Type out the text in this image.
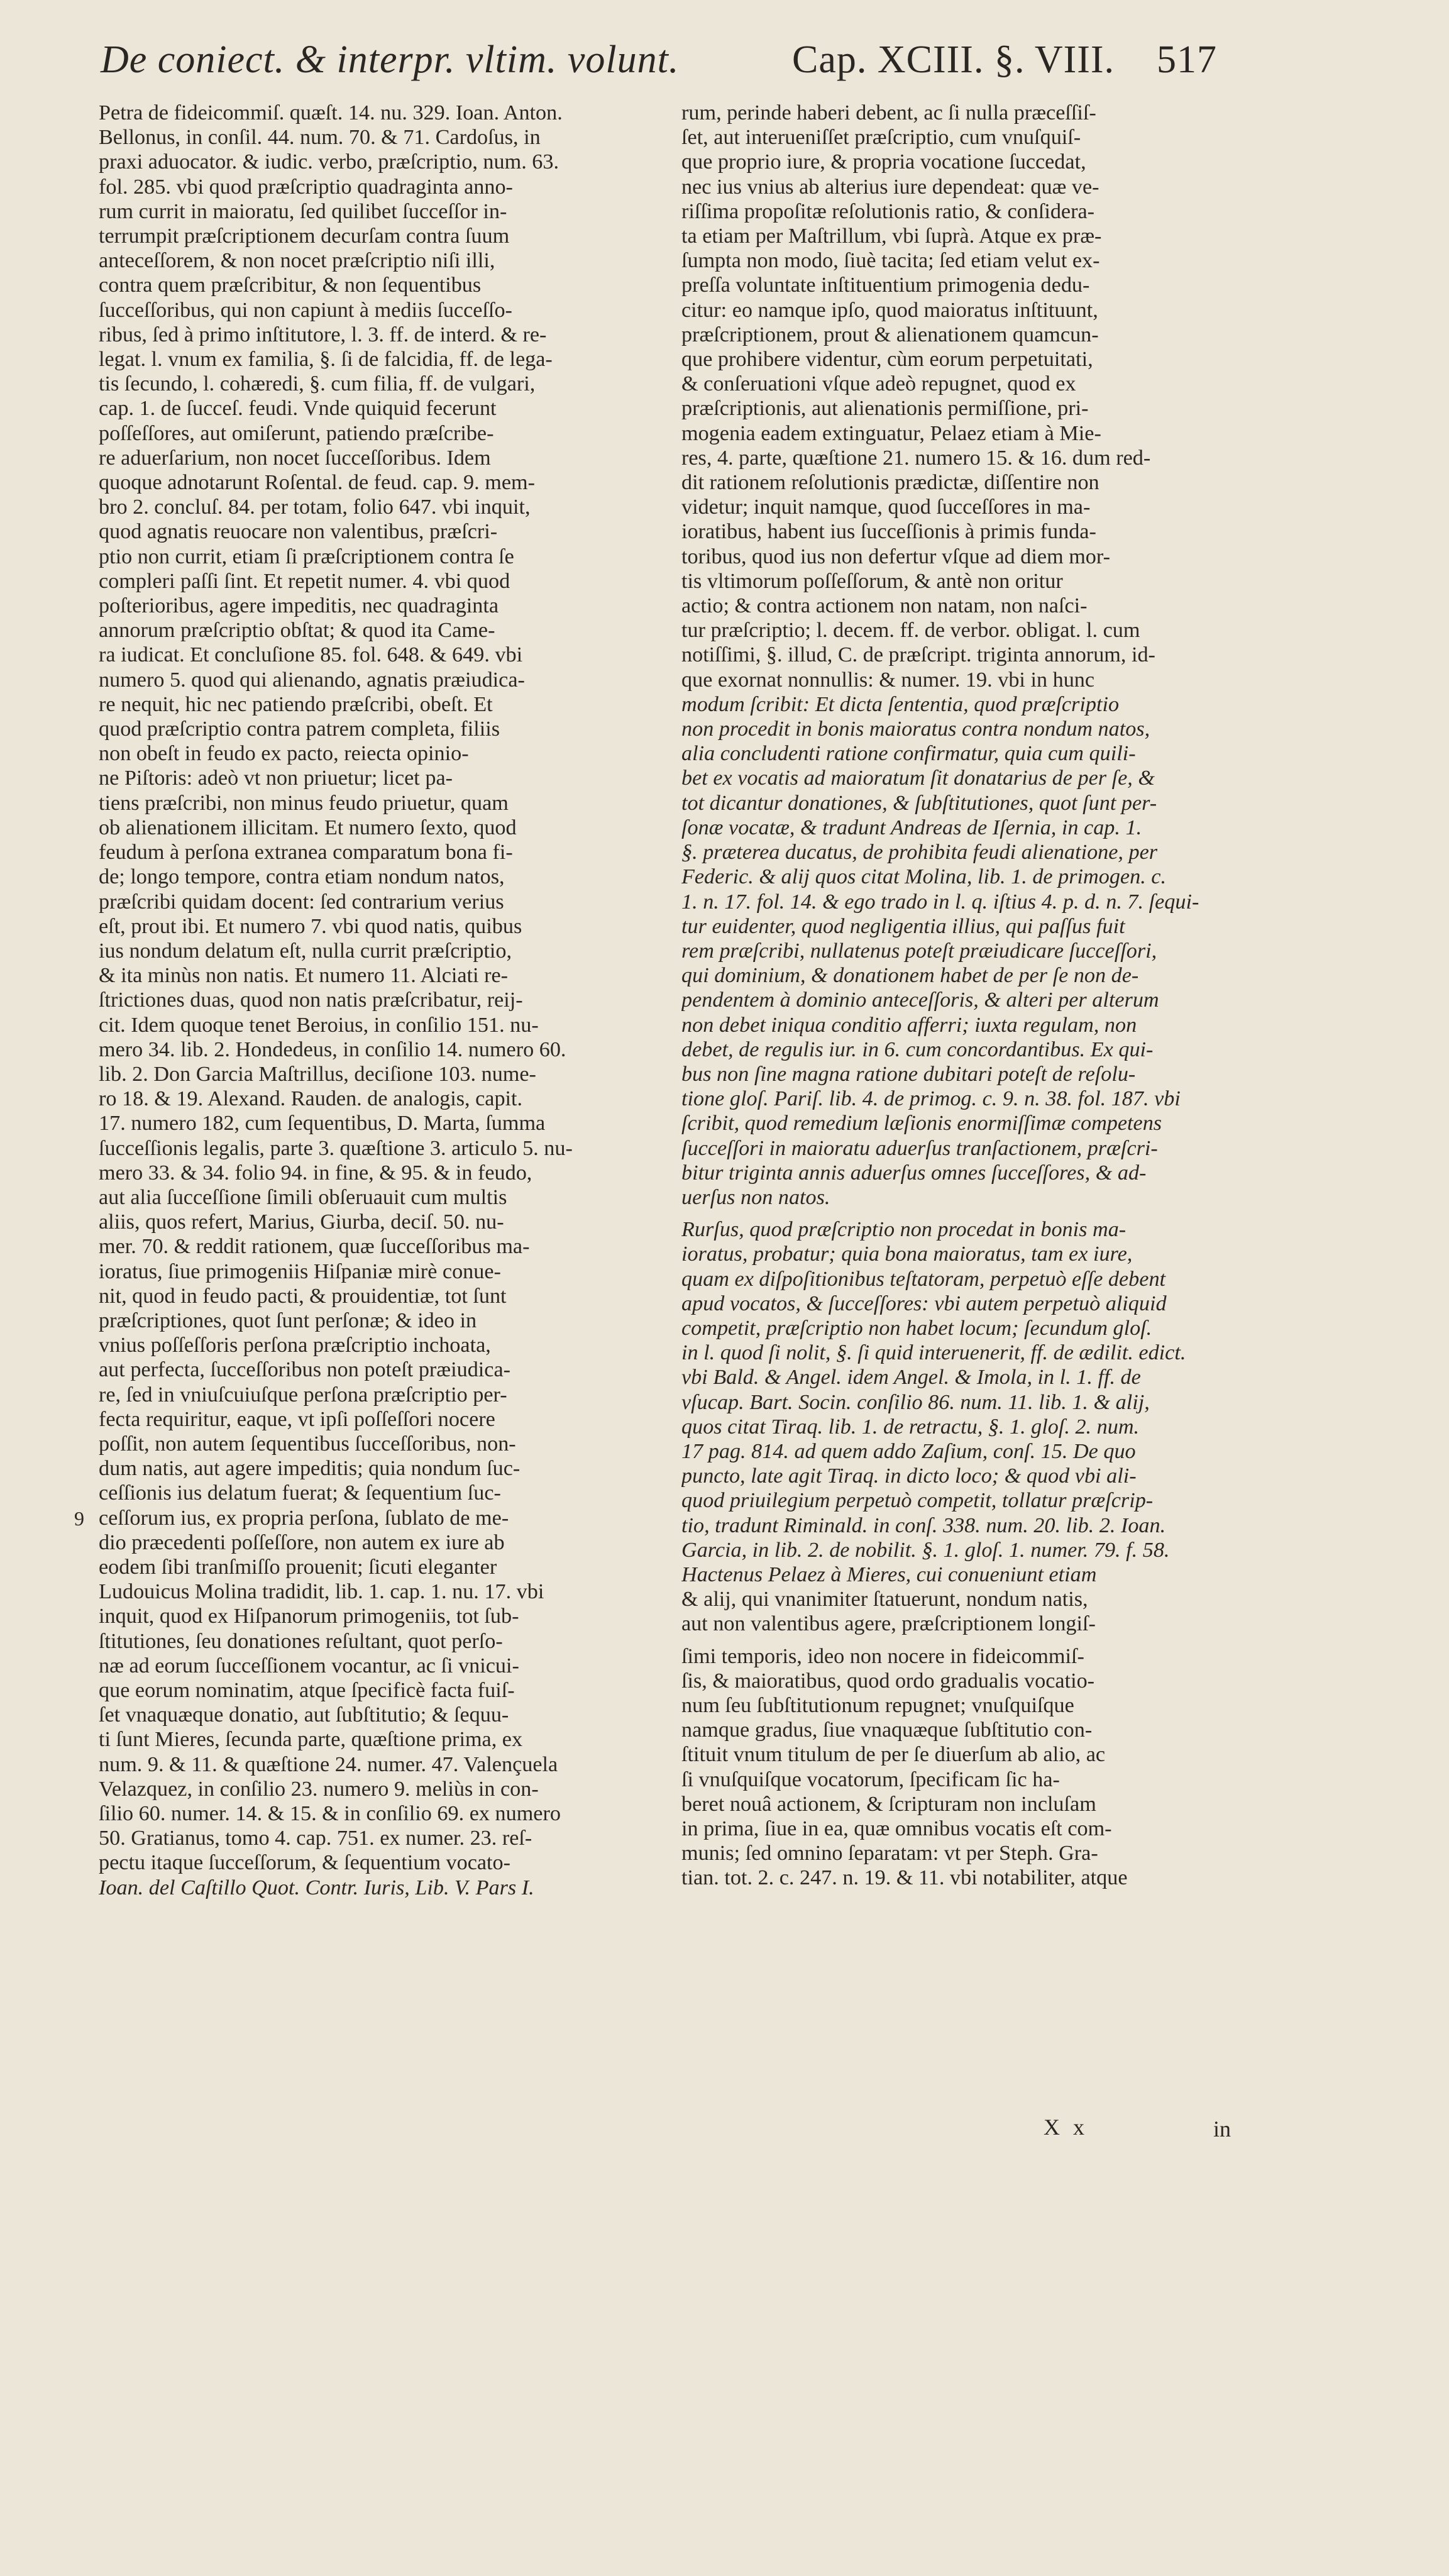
De coniect. & interpr. vltim. volunt.	Cap. XCIII. §. VIII. 517
Petra de fideicommiſ. quæſt. 14. nu. 329. Ioan. Anton.
Bellonus, in conſil. 44. num. 70. & 71. Cardoſus, in
praxi aduocator. & iudic. verbo, præſcriptio, num. 63.
fol. 285. vbi quod præſcriptio quadraginta anno-
rum currit in maioratu, ſed quilibet ſucceſſor in-
terrumpit præſcriptionem decurſam contra ſuum
anteceſſorem, & non nocet præſcriptio niſi illi,
contra quem præſcribitur, & non ſequentibus
ſucceſſoribus, qui non capiunt à mediis ſucceſſo-
ribus, ſed à primo inſtitutore, l. 3. ff. de interd. & re-
legat. l. vnum ex familia, §. ſi de falcidia, ff. de lega-
tis ſecundo, l. cohæredi, §. cum filia, ff. de vulgari,
cap. 1. de ſucceſ. feudi. Vnde quiquid fecerunt
poſſeſſores, aut omiſerunt, patiendo præſcribe-
re aduerſarium, non nocet ſucceſſoribus. Idem
quoque adnotarunt Roſental. de feud. cap. 9. mem-
bro 2. concluſ. 84. per totam, folio 647. vbi inquit,
quod agnatis reuocare non valentibus, præſcri-
ptio non currit, etiam ſi præſcriptionem contra ſe
compleri paſſi ſint. Et repetit numer. 4. vbi quod
poſterioribus, agere impeditis, nec quadraginta
annorum præſcriptio obſtat; & quod ita Came-
ra iudicat. Et concluſione 85. fol. 648. & 649. vbi
numero 5. quod qui alienando, agnatis præiudica-
re nequit, hic nec patiendo præſcribi, obeſt. Et
quod præſcriptio contra patrem completa, filiis
non obeſt in feudo ex pacto, reiecta opinio-
ne Piſtoris: adeò vt non priuetur; licet pa-
tiens præſcribi, non minus feudo priuetur, quam
ob alienationem illicitam. Et numero ſexto, quod
feudum à perſona extranea comparatum bona fi-
de; longo tempore, contra etiam nondum natos,
præſcribi quidam docent: ſed contrarium verius
eſt, prout ibi. Et numero 7. vbi quod natis, quibus
ius nondum delatum eſt, nulla currit præſcriptio,
& ita minùs non natis. Et numero 11. Alciati re-
ſtrictiones duas, quod non natis præſcribatur, reij-
cit. Idem quoque tenet Beroius, in conſilio 151. nu-
mero 34. lib. 2. Hondedeus, in conſilio 14. numero 60.
lib. 2. Don Garcia Maſtrillus, deciſione 103. nume-
ro 18. & 19. Alexand. Rauden. de analogis, capit.
17. numero 182, cum ſequentibus, D. Marta, ſumma
ſucceſſionis legalis, parte 3. quæſtione 3. articulo 5. nu-
mero 33. & 34. folio 94. in fine, & 95. & in feudo,
aut alia ſucceſſione ſimili obſeruauit cum multis
aliis, quos refert, Marius, Giurba, deciſ. 50. nu-
mer. 70. & reddit rationem, quæ ſucceſſoribus ma-
ioratus, ſiue primogeniis Hiſpaniæ mirè conue-
nit, quod in feudo pacti, & prouidentiæ, tot ſunt
præſcriptiones, quot ſunt perſonæ; & ideo in
vnius poſſeſſoris perſona præſcriptio inchoata,
aut perfecta, ſucceſſoribus non poteſt præiudica-
re, ſed in vniuſcuiuſque perſona præſcriptio per-
fecta requiritur, eaque, vt ipſi poſſeſſori nocere
poſſit, non autem ſequentibus ſucceſſoribus, non-
dum natis, aut agere impeditis; quia nondum ſuc-
ceſſionis ius delatum fuerat; & ſequentium ſuc-
ceſſorum ius, ex propria perſona, ſublato de me-
dio præcedenti poſſeſſore, non autem ex iure ab
eodem ſibi tranſmiſſo prouenit; ſicuti eleganter
Ludouicus Molina tradidit, lib. 1. cap. 1. nu. 17. vbi
inquit, quod ex Hiſpanorum primogeniis, tot ſub-
ſtitutiones, ſeu donationes reſultant, quot perſo-
næ ad eorum ſucceſſionem vocantur, ac ſi vnicui-
que eorum nominatim, atque ſpecificè facta fuiſ-
ſet vnaquæque donatio, aut ſubſtitutio; & ſequu-
ti ſunt Mieres, ſecunda parte, quæſtione prima, ex
num. 9. & 11. & quæſtione 24. numer. 47. Valençuela
Velazquez, in conſilio 23. numero 9. meliùs in con-
ſilio 60. numer. 14. & 15. & in conſilio 69. ex numero
50. Gratianus, tomo 4. cap. 751. ex numer. 23. reſ-
pectu itaque ſucceſſorum, & ſequentium vocato-
Ioan. del Caſtillo Quot. Contr. Iuris, Lib. V. Pars I.
rum, perinde haberi debent, ac ſi nulla præceſſiſ-
ſet, aut interueniſſet præſcriptio, cum vnuſquiſ-
que proprio iure, & propria vocatione ſuccedat,
nec ius vnius ab alterius iure dependeat: quæ ve-
riſſima propoſitæ reſolutionis ratio, & conſidera-
ta etiam per Maſtrillum, vbi ſuprà. Atque ex præ-
ſumpta non modo, ſiuè tacita; ſed etiam velut ex-
preſſa voluntate inſtituentium primogenia dedu-
citur: eo namque ipſo, quod maioratus inſtituunt,
præſcriptionem, prout & alienationem quamcun-
que prohibere videntur, cùm eorum perpetuitati,
& conſeruationi vſque adeò repugnet, quod ex
præſcriptionis, aut alienationis permiſſione, pri-
mogenia eadem extinguatur, Pelaez etiam à Mie-
res, 4. parte, quæſtione 21. numero 15. & 16. dum red-
dit rationem reſolutionis prædictæ, diſſentire non
videtur; inquit namque, quod ſucceſſores in ma-
ioratibus, habent ius ſucceſſionis à primis funda-
toribus, quod ius non defertur vſque ad diem mor-
tis vltimorum poſſeſſorum, & antè non oritur
actio; & contra actionem non natam, non naſci-
tur præſcriptio; l. decem. ff. de verbor. obligat. l. cum
notiſſimi, §. illud, C. de præſcript. triginta annorum, id-
que exornat nonnullis: & numer. 19. vbi in hunc
modum ſcribit: Et dicta ſententia, quod præſcriptio
non procedit in bonis maioratus contra nondum natos,
alia concludenti ratione confirmatur, quia cum quili-
bet ex vocatis ad maioratum ſit donatarius de per ſe, &
tot dicantur donationes, & ſubſtitutiones, quot ſunt per-
ſonæ vocatæ, & tradunt Andreas de Iſernia, in cap. 1.
§. præterea ducatus, de prohibita feudi alienatione, per
Federic. & alij quos citat Molina, lib. 1. de primogen. c.
1. n. 17. fol. 14. & ego trado in l. q. iſtius 4. p. d. n. 7. ſequi-
tur euidenter, quod negligentia illius, qui paſſus fuit
rem præſcribi, nullatenus poteſt præiudicare ſucceſſori,
qui dominium, & donationem habet de per ſe non de-
pendentem à dominio anteceſſoris, & alteri per alterum
non debet iniqua conditio afferri; iuxta regulam, non
debet, de regulis iur. in 6. cum concordantibus. Ex qui-
bus non ſine magna ratione dubitari poteſt de reſolu-
tione gloſ. Pariſ. lib. 4. de primog. c. 9. n. 38. fol. 187. vbi
ſcribit, quod remedium læſionis enormiſſimæ competens
ſucceſſori in maioratu aduerſus tranſactionem, præſcri-
bitur triginta annis aduerſus omnes ſucceſſores, & ad-
uerſus non natos.
Rurſus, quod præſcriptio non procedat in bonis ma-
ioratus, probatur; quia bona maioratus, tam ex iure,
quam ex diſpoſitionibus teſtatoram, perpetuò eſſe debent
apud vocatos, & ſucceſſores: vbi autem perpetuò aliquid
competit, præſcriptio non habet locum; ſecundum gloſ.
in l. quod ſi nolit, §. ſi quid interuenerit, ff. de ædilit. edict.
vbi Bald. & Angel. idem Angel. & Imola, in l. 1. ff. de
vſucap. Bart. Socin. conſilio 86. num. 11. lib. 1. & alij,
quos citat Tiraq. lib. 1. de retractu, §. 1. gloſ. 2. num.
17 pag. 814. ad quem addo Zaſium, conſ. 15. De quo
puncto, late agit Tiraq. in dicto loco; & quod vbi ali-
quod priuilegium perpetuò competit, tollatur præſcrip-
tio, tradunt Riminald. in conſ. 338. num. 20. lib. 2. Ioan.
Garcia, in lib. 2. de nobilit. §. 1. gloſ. 1. numer. 79. f. 58.
Hactenus Pelaez à Mieres, cui conueniunt etiam
& alij, qui vnanimiter ſtatuerunt, nondum natis,
aut non valentibus agere, præſcriptionem longiſ-
ſimi temporis, ideo non nocere in fideicommiſ-
ſis, & maioratibus, quod ordo gradualis vocatio-
num ſeu ſubſtitutionum repugnet; vnuſquiſque
namque gradus, ſiue vnaquæque ſubſtitutio con-
ſtituit vnum titulum de per ſe diuerſum ab alio, ac
ſi vnuſquiſque vocatorum, ſpecificam ſic ha-
beret nouâ actionem, & ſcripturam non incluſam
in prima, ſiue in ea, quæ omnibus vocatis eſt com-
munis; ſed omnino ſeparatam: vt per Steph. Gra-
tian. tot. 2. c. 247. n. 19. & 11. vbi notabiliter, atque
9
X x	in
